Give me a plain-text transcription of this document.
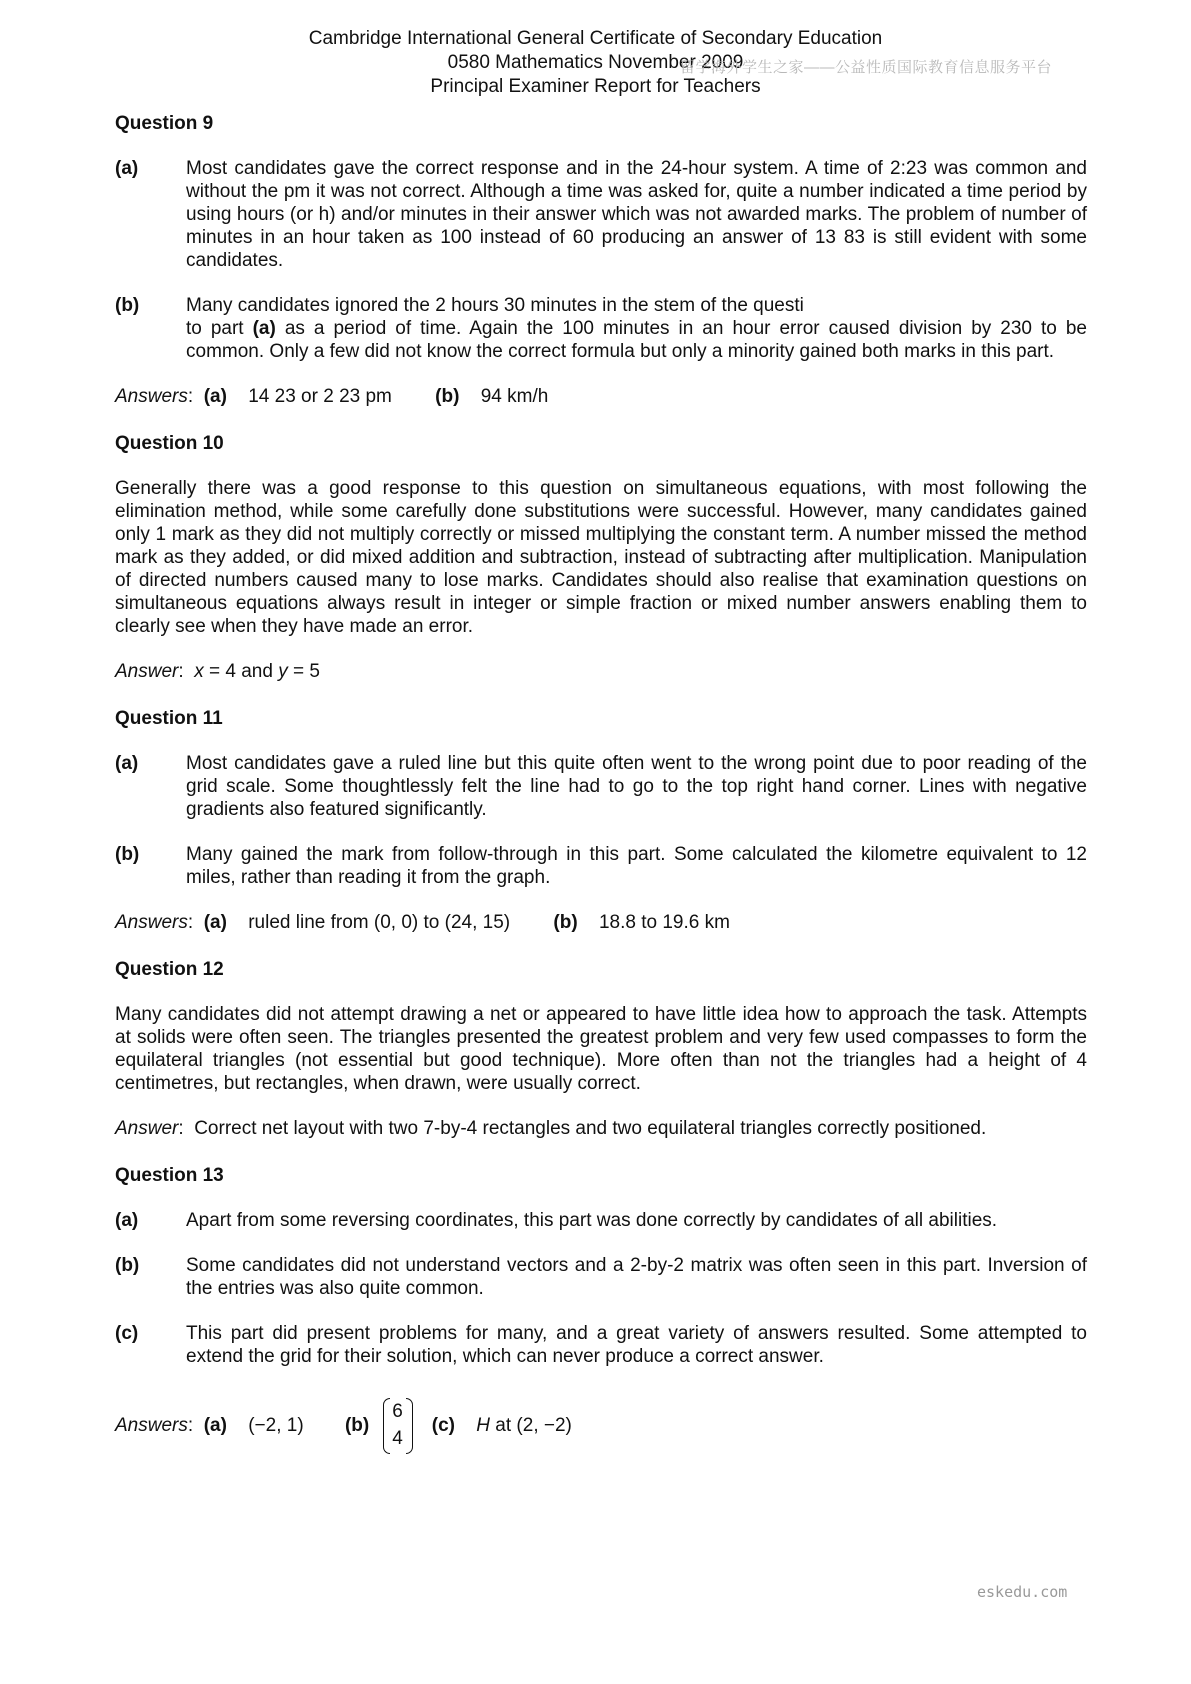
Cambridge International General Certificate of Secondary Education
0580 Mathematics November 2009
Principal Examiner Report for Teachers
留学海外学生之家——公益性质国际教育信息服务平台
Question 9
(a)	Most candidates gave the correct response and in the 24-hour system. A time of 2:23 was common and without the pm it was not correct. Although a time was asked for, quite a number indicated a time period by using hours (or h) and/or minutes in their answer which was not awarded marks. The problem of number of minutes in an hour taken as 100 instead of 60 producing an answer of 13 83 is still evident with some candidates.
(b)	Many candidates ignored the 2 hours 30 minutes in the stem of the questi
to part (a) as a period of time. Again the 100 minutes in an hour error caused division by 230 to be common. Only a few did not know the correct formula but only a minority gained both marks in this part.
Answers:  (a) 14 23 or 2 23 pm (b) 94 km/h
Question 10
Generally there was a good response to this question on simultaneous equations, with most following the elimination method, while some carefully done substitutions were successful. However, many candidates gained only 1 mark as they did not multiply correctly or missed multiplying the constant term. A number missed the method mark as they added, or did mixed addition and subtraction, instead of subtracting after multiplication. Manipulation of directed numbers caused many to lose marks. Candidates should also realise that examination questions on simultaneous equations always result in integer or simple fraction or mixed number answers enabling them to clearly see when they have made an error.
Answer:  x = 4 and y = 5
Question 11
(a)	Most candidates gave a ruled line but this quite often went to the wrong point due to poor reading of the grid scale. Some thoughtlessly felt the line had to go to the top right hand corner. Lines with negative gradients also featured significantly.
(b)	Many gained the mark from follow-through in this part. Some calculated the kilometre equivalent to 12 miles, rather than reading it from the graph.
Answers:  (a) ruled line from (0, 0) to (24, 15) (b) 18.8 to 19.6 km
Question 12
Many candidates did not attempt drawing a net or appeared to have little idea how to approach the task. Attempts at solids were often seen. The triangles presented the greatest problem and very few used compasses to form the equilateral triangles (not essential but good technique). More often than not the triangles had a height of 4 centimetres, but rectangles, when drawn, were usually correct.
Answer:  Correct net layout with two 7-by-4 rectangles and two equilateral triangles correctly positioned.
Question 13
(a)	Apart from some reversing coordinates, this part was done correctly by candidates of all abilities.
(b)	Some candidates did not understand vectors and a 2-by-2 matrix was often seen in this part. Inversion of the entries was also quite common.
(c)	This part did present problems for many, and a great variety of answers resulted. Some attempted to extend the grid for their solution, which can never produce a correct answer.
Answers:  (a) (−2, 1) (b)
6
4
(c) H at (2, −2)
eskedu.com
